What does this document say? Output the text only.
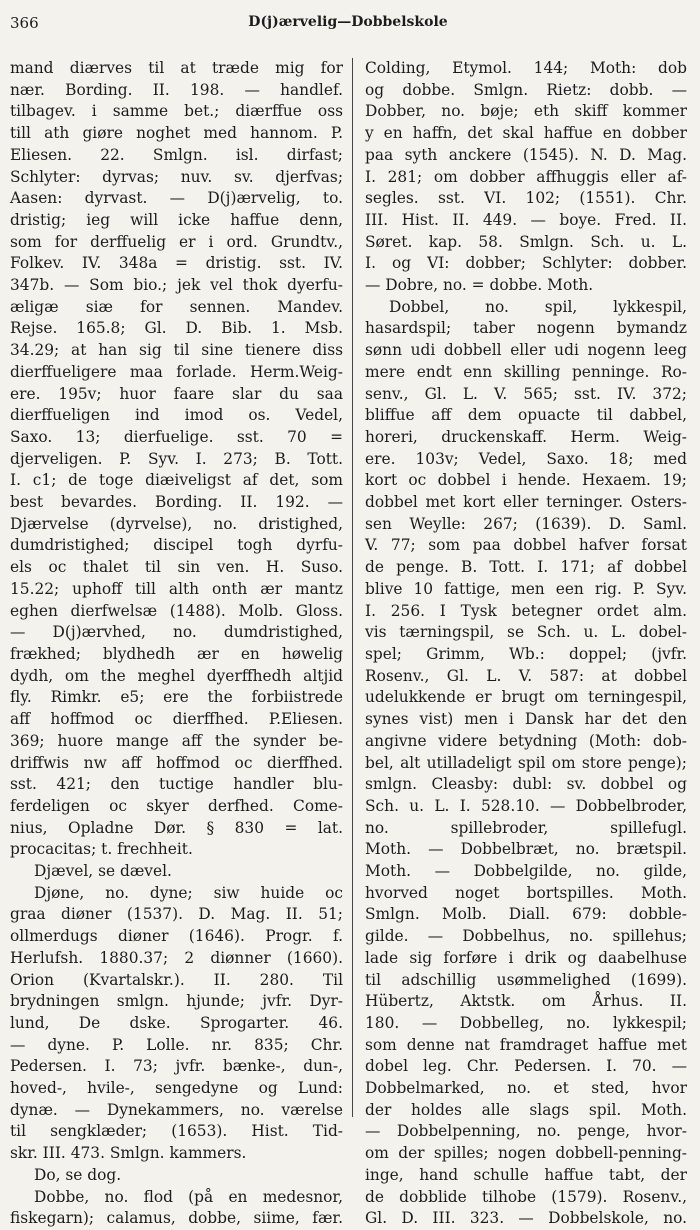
366	D(j)ærvelig—Dobbelskole
mand diærves til at træde mig for
nær. Bording. II. 198. — handlef.
tilbagev. i samme bet.; diærffue oss
till ath giøre noghet med hannom. P.
Eliesen. 22. Smlgn. isl. dirfast;
Schlyter: dyrvas; nuv. sv. djerfvas;
Aasen: dyrvast. — D(j)ærvelig, to.
dristig; ieg will icke haffue denn,
som for derffuelig er i ord. Grundtv.,
Folkev. IV. 348a = dristig. sst. IV.
347b. — Som bio.; jek vel thok dyerfu-
æligæ siæ for sennen. Mandev.
Rejse. 165.8; Gl. D. Bib. 1. Msb.
34.29; at han sig til sine tienere diss
dierffueligere maa forlade. Herm.Weig-
ere. 195v; huor faare slar du saa
dierffueligen ind imod os. Vedel,
Saxo. 13; dierfuelige. sst. 70 =
djerveligen. P. Syv. I. 273; B. Tott.
I. c1; de toge diæiveligst af det, som
best bevardes. Bording. II. 192. —
Djærvelse (dyrvelse), no. dristighed,
dumdristighed; discipel togh dyrfu-
els oc thalet til sin ven. H. Suso.
15.22; uphoff till alth onth ær mantz
eghen dierfwelsæ (1488). Molb. Gloss.
— D(j)ærvhed, no. dumdristighed,
frækhed; blydhedh ær en høwelig
dydh, om the meghel dyerffhedh altjid
fly. Rimkr. e5; ere the forbiistrede
aff hoffmod oc dierffhed. P.Eliesen.
369; huore mange aff the synder be-
driffwis nw aff hoffmod oc dierffhed.
sst. 421; den tuctige handler blu-
ferdeligen oc skyer derfhed. Come-
nius, Opladne Dør. § 830 = lat.
procacitas; t. frechheit.
Djævel, se dævel.
Djøne, no. dyne; siw huide oc
graa diøner (1537). D. Mag. II. 51;
ollmerdugs diøner (1646). Progr. f.
Herlufsh. 1880.37; 2 diønner (1660).
Orion (Kvartalskr.). II. 280. Til
brydningen smlgn. hjunde; jvfr. Dyr-
lund, De dske. Sprogarter. 46.
— dyne. P. Lolle. nr. 835; Chr.
Pedersen. I. 73; jvfr. bænke-, dun-,
hoved-, hvile-, sengedyne og Lund:
dynæ. — Dynekammers, no. værelse
til sengklæder; (1653). Hist. Tid-
skr. III. 473. Smlgn. kammers.
Do, se dog.
Dobbe, no. flod (på en medesnor,
fiskegarn); calamus, dobbe, siime, fær.
Colding, Etymol. 144; Moth: dob
og dobbe. Smlgn. Rietz: dobb. —
Dobber, no. bøje; eth skiff kommer
y en haffn, det skal haffue en dobber
paa syth anckere (1545). N. D. Mag.
I. 281; om dobber affhuggis eller af-
segles. sst. VI. 102; (1551). Chr.
III. Hist. II. 449. — boye. Fred. II.
Søret. kap. 58. Smlgn. Sch. u. L.
I. og VI: dobber; Schlyter: dobber.
— Dobre, no. = dobbe. Moth.
Dobbel, no. spil, lykkespil,
hasardspil; taber nogenn bymandz
sønn udi dobbell eller udi nogenn leeg
mere endt enn skilling penninge. Ro-
senv., Gl. L. V. 565; sst. IV. 372;
bliffue aff dem opuacte til dabbel,
horeri, druckenskaff. Herm. Weig-
ere. 103v; Vedel, Saxo. 18; med
kort oc dobbel i hende. Hexaem. 19;
dobbel met kort eller terninger. Osters-
sen Weylle: 267; (1639). D. Saml.
V. 77; som paa dobbel hafver forsat
de penge. B. Tott. I. 171; af dobbel
blive 10 fattige, men een rig. P. Syv.
I. 256. I Tysk betegner ordet alm.
vis tærningspil, se Sch. u. L. dobel-
spel; Grimm, Wb.: doppel; (jvfr.
Rosenv., Gl. L. V. 587: at dobbel
udelukkende er brugt om terningespil,
synes vist) men i Dansk har det den
angivne videre betydning (Moth: dob-
bel, alt utilladeligt spil om store penge);
smlgn. Cleasby: dubl: sv. dobbel og
Sch. u. L. I. 528.10. — Dobbelbroder,
no. spillebroder, spillefugl.
Moth. — Dobbelbræt, no. brætspil.
Moth. — Dobbelgilde, no. gilde,
hvorved noget bortspilles. Moth.
Smlgn. Molb. Diall. 679: dobble-
gilde. — Dobbelhus, no. spillehus;
lade sig forføre i drik og daabelhuse
til adschillig usømmelighed (1699).
Hübertz, Aktstk. om Århus. II.
180. — Dobbelleg, no. lykkespil;
som denne nat framdraget haffue met
dobel leg. Chr. Pedersen. I. 70. —
Dobbelmarked, no. et sted, hvor
der holdes alle slags spil. Moth.
— Dobbelpenning, no. penge, hvor-
om der spilles; nogen dobbell-penning-
inge, hand schulle haffue tabt, der
de dobblide tilhobe (1579). Rosenv.,
Gl. D. III. 323. — Dobbelskole, no.
